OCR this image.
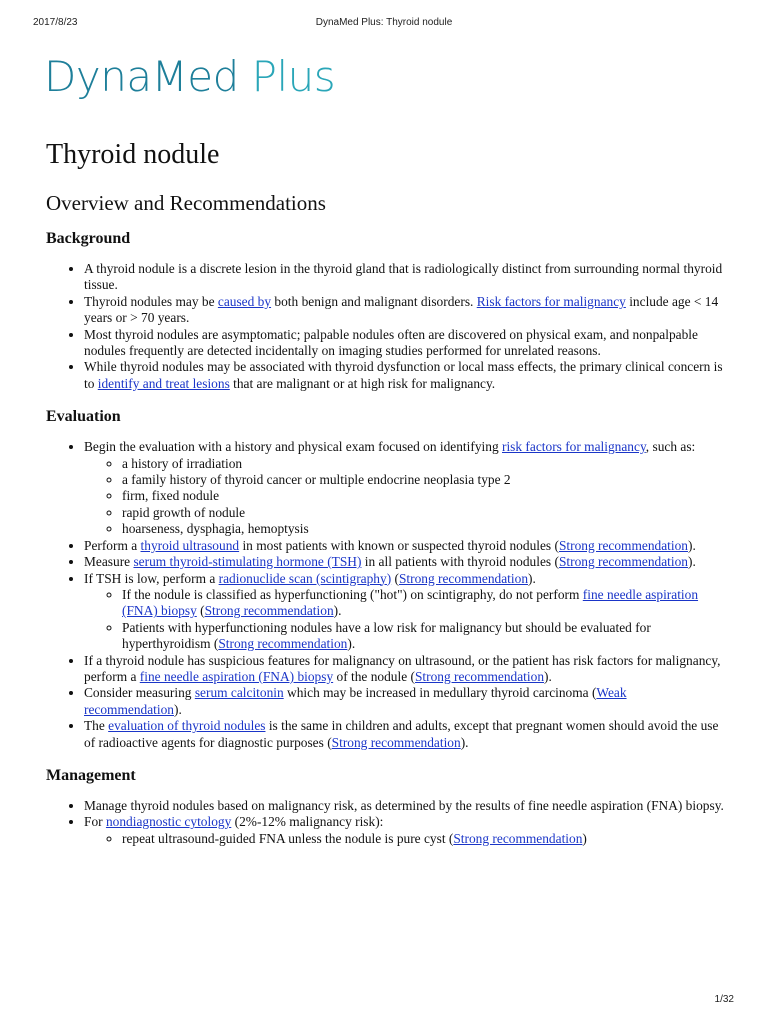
2017/8/23	DynaMed Plus: Thyroid nodule
DynaMed Plus
Thyroid nodule
Overview and Recommendations
Background
• A thyroid nodule is a discrete lesion in the thyroid gland that is radiologically distinct from surrounding normal thyroid tissue.
• Thyroid nodules may be caused by both benign and malignant disorders. Risk factors for malignancy include age < 14 years or > 70 years.
• Most thyroid nodules are asymptomatic; palpable nodules often are discovered on physical exam, and nonpalpable nodules frequently are detected incidentally on imaging studies performed for unrelated reasons.
• While thyroid nodules may be associated with thyroid dysfunction or local mass effects, the primary clinical concern is to identify and treat lesions that are malignant or at high risk for malignancy.
Evaluation
• Begin the evaluation with a history and physical exam focused on identifying risk factors for malignancy, such as:
◦ a history of irradiation
◦ a family history of thyroid cancer or multiple endocrine neoplasia type 2
◦ firm, fixed nodule
◦ rapid growth of nodule
◦ hoarseness, dysphagia, hemoptysis
• Perform a thyroid ultrasound in most patients with known or suspected thyroid nodules (Strong recommendation).
• Measure serum thyroid-stimulating hormone (TSH) in all patients with thyroid nodules (Strong recommendation).
• If TSH is low, perform a radionuclide scan (scintigraphy) (Strong recommendation).
◦ If the nodule is classified as hyperfunctioning ("hot") on scintigraphy, do not perform fine needle aspiration (FNA) biopsy (Strong recommendation).
◦ Patients with hyperfunctioning nodules have a low risk for malignancy but should be evaluated for hyperthyroidism (Strong recommendation).
• If a thyroid nodule has suspicious features for malignancy on ultrasound, or the patient has risk factors for malignancy, perform a fine needle aspiration (FNA) biopsy of the nodule (Strong recommendation).
• Consider measuring serum calcitonin which may be increased in medullary thyroid carcinoma (Weak recommendation).
• The evaluation of thyroid nodules is the same in children and adults, except that pregnant women should avoid the use of radioactive agents for diagnostic purposes (Strong recommendation).
Management
• Manage thyroid nodules based on malignancy risk, as determined by the results of fine needle aspiration (FNA) biopsy.
• For nondiagnostic cytology (2%-12% malignancy risk):
◦ repeat ultrasound-guided FNA unless the nodule is pure cyst (Strong recommendation)
1/32
